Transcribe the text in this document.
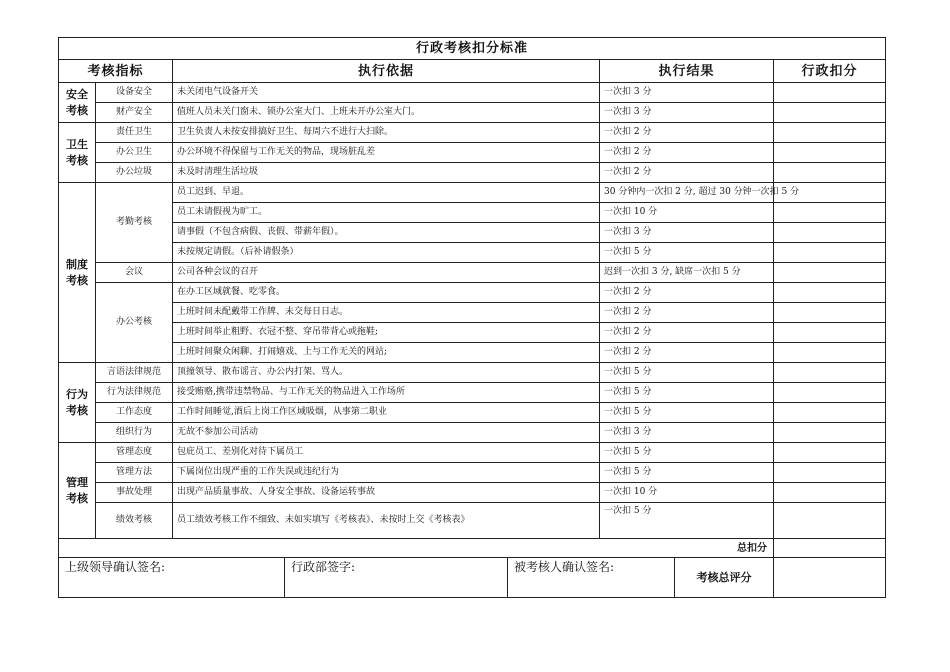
行政考核扣分标准							
考核指标		执行依据			执行结果		行政扣分
安全考核	设备安全	未关闭电气设备开关			一次扣 3 分		
	财产安全	值班人员未关门窗未、锁办公室大门、上班未开办公室大门。			一次扣 3 分		
卫生考核	责任卫生	卫生负责人未按安排搞好卫生、每周六不进行大扫除。			一次扣 2 分		
	办公卫生	办公环境不得保留与工作无关的物品，现场脏乱差			一次扣 2 分		
	办公垃圾	未及时清理生活垃圾			一次扣 2 分		
制度考核	考勤考核	员工迟到、早退。			30 分钟内一次扣 2 分, 超过 30 分钟一次扣 5 分		
		员工未请假视为旷工。			一次扣 10 分		
		请事假（不包含病假、丧假、带薪年假）。			一次扣 3 分		
		未按规定请假。（后补请假条）			一次扣 5 分		
	会议	公司各种会议的召开			迟到一次扣 3 分, 缺席一次扣 5 分		
	办公考核	在办工区域就餐、吃零食。			一次扣 2 分		
		上班时间未配戴带工作牌、未交每日日志。			一次扣 2 分		
		上班时间举止粗野、衣冠不整、穿吊带背心或拖鞋;			一次扣 2 分		
		上班时间聚众闲聊、打闹嬉戏、上与工作无关的网站;			一次扣 2 分		
行为考核	言语法律规范	顶撞领导、散布谣言、办公内打架、骂人。			一次扣 5 分		
	行为法律规范	接受贿赂,携带违禁物品、与工作无关的物品进入工作场所			一次扣 5 分		
	工作态度	工作时间睡觉,酒后上岗工作区域吸烟，从事第二职业			一次扣 5 分		
	组织行为	无故不参加公司活动			一次扣 3 分		
管理考核	管理态度	包庇员工、差别化对待下属员工			一次扣 5 分		
	管理方法	下属岗位出现严重的工作失误或违纪行为			一次扣 5 分		
	事故处理	出现产品质量事故、人身安全事故、设备运转事故			一次扣 10 分		
	绩效考核	员工绩效考核工作不细致、未如实填写《考核表》、未按时上交《考核表》			一次扣 5 分		
总扣分							
上级领导确认签名:			行政部签字:	被考核人确认签名:		考核总评分	
